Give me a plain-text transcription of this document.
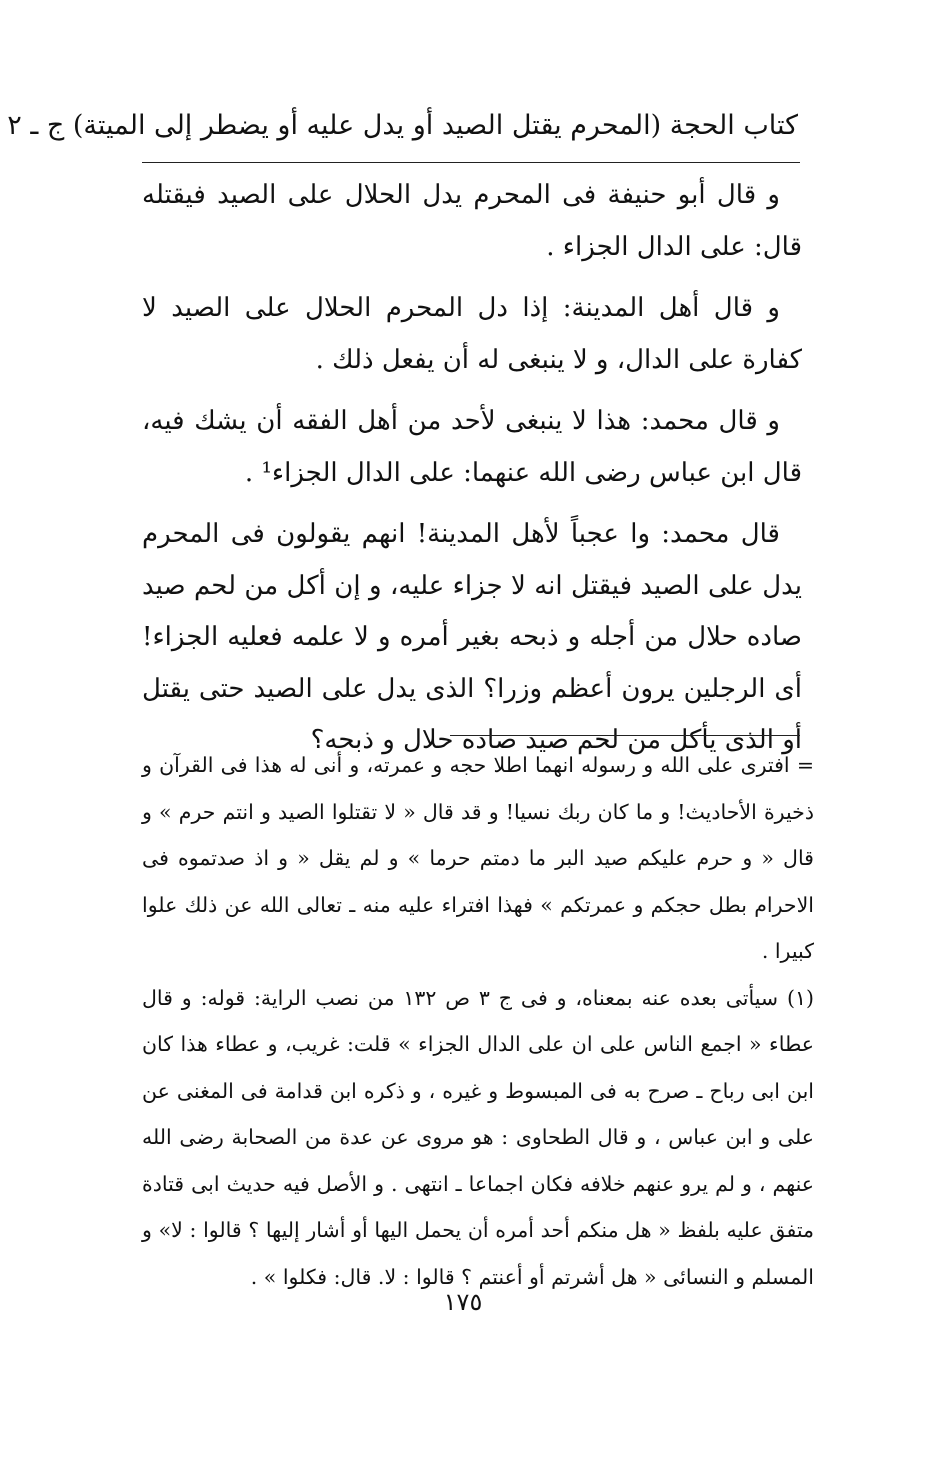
كتاب الحجة (المحرم يقتل الصيد أو يدل عليه أو يضطر إلى الميتة) ج ـ ٢

و قال أبو حنيفة فى المحرم يدل الحلال على الصيد فيقتله قال: على الدال الجزاء .

و قال أهل المدينة: إذا دل المحرم الحلال على الصيد لا كفارة على الدال، و لا ينبغى له أن يفعل ذلك .

و قال محمد: هذا لا ينبغى لأحد من أهل الفقه أن يشك فيه، قال ابن عباس رضى الله عنهما: على الدال الجزاء¹ .

قال محمد: وا عجباً لأهل المدينة! انهم يقولون فى المحرم يدل على الصيد فيقتل انه لا جزاء عليه، و إن أكل من لحم صيد صاده حلال من أجله و ذبحه بغير أمره و لا علمه فعليه الجزاء! أى الرجلين يرون أعظم وزرا؟ الذى يدل على الصيد حتى يقتل أو الذى يأكل من لحم صيد صاده حلال و ذبحه؟

= افترى على الله و رسوله انهما اطلا حجه و عمرته، و أنى له هذا فى القرآن و ذخيرة الأحاديث! و ما كان ربك نسيا! و قد قال « لا تقتلوا الصيد و انتم حرم » و قال « و حرم عليكم صيد البر ما دمتم حرما » و لم يقل « و اذ صدتموه فى الاحرام بطل حجكم و عمرتكم » فهذا افتراء عليه منه ـ تعالى الله عن ذلك علوا كبيرا .

(١) سيأتى بعده عنه بمعناه، و فى ج ٣ ص ١٣٢ من نصب الراية: قوله: و قال عطاء « اجمع الناس على ان على الدال الجزاء » قلت: غريب، و عطاء هذا كان ابن ابى رباح ـ صرح به فى المبسوط و غيره ، و ذكره ابن قدامة فى المغنى عن على و ابن عباس ، و قال الطحاوى : هو مروى عن عدة من الصحابة رضى الله عنهم ، و لم يرو عنهم خلافه فكان اجماعا ـ انتهى . و الأصل فيه حديث ابى قتادة متفق عليه بلفظ « هل منكم أحد أمره أن يحمل اليها أو أشار إليها ؟ قالوا : لا» و المسلم و النسائى « هل أشرتم أو أعنتم ؟ قالوا : لا. قال: فكلوا » .

١٧٥
